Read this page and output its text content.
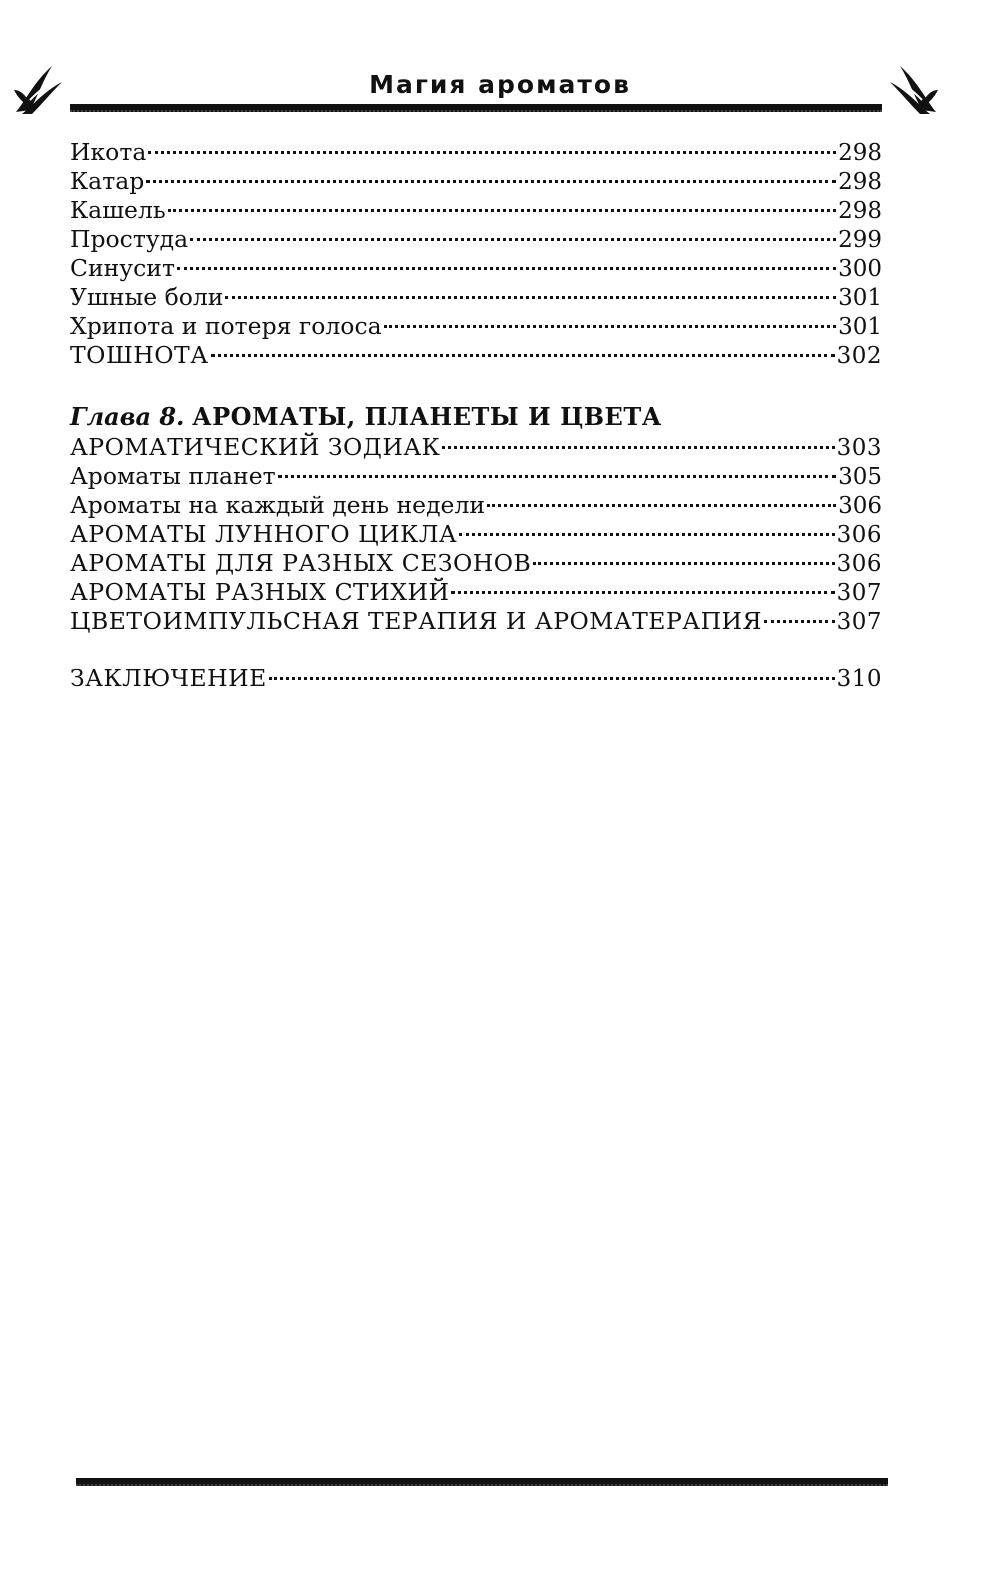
Магия ароматов
Икота	298
Катар	298
Кашель	298
Простуда	299
Синусит	300
Ушные боли	301
Хрипота и потеря голоса	301
ТОШНОТА	302
Глава 8. АРОМАТЫ, ПЛАНЕТЫ И ЦВЕТА
АРОМАТИЧЕСКИЙ ЗОДИАК	303
Ароматы планет	305
Ароматы на каждый день недели	306
АРОМАТЫ ЛУННОГО ЦИКЛА	306
АРОМАТЫ ДЛЯ РАЗНЫХ СЕЗОНОВ	306
АРОМАТЫ РАЗНЫХ СТИХИЙ	307
ЦВЕТОИМПУЛЬСНАЯ ТЕРАПИЯ И АРОМАТЕРАПИЯ	307
ЗАКЛЮЧЕНИЕ	310
